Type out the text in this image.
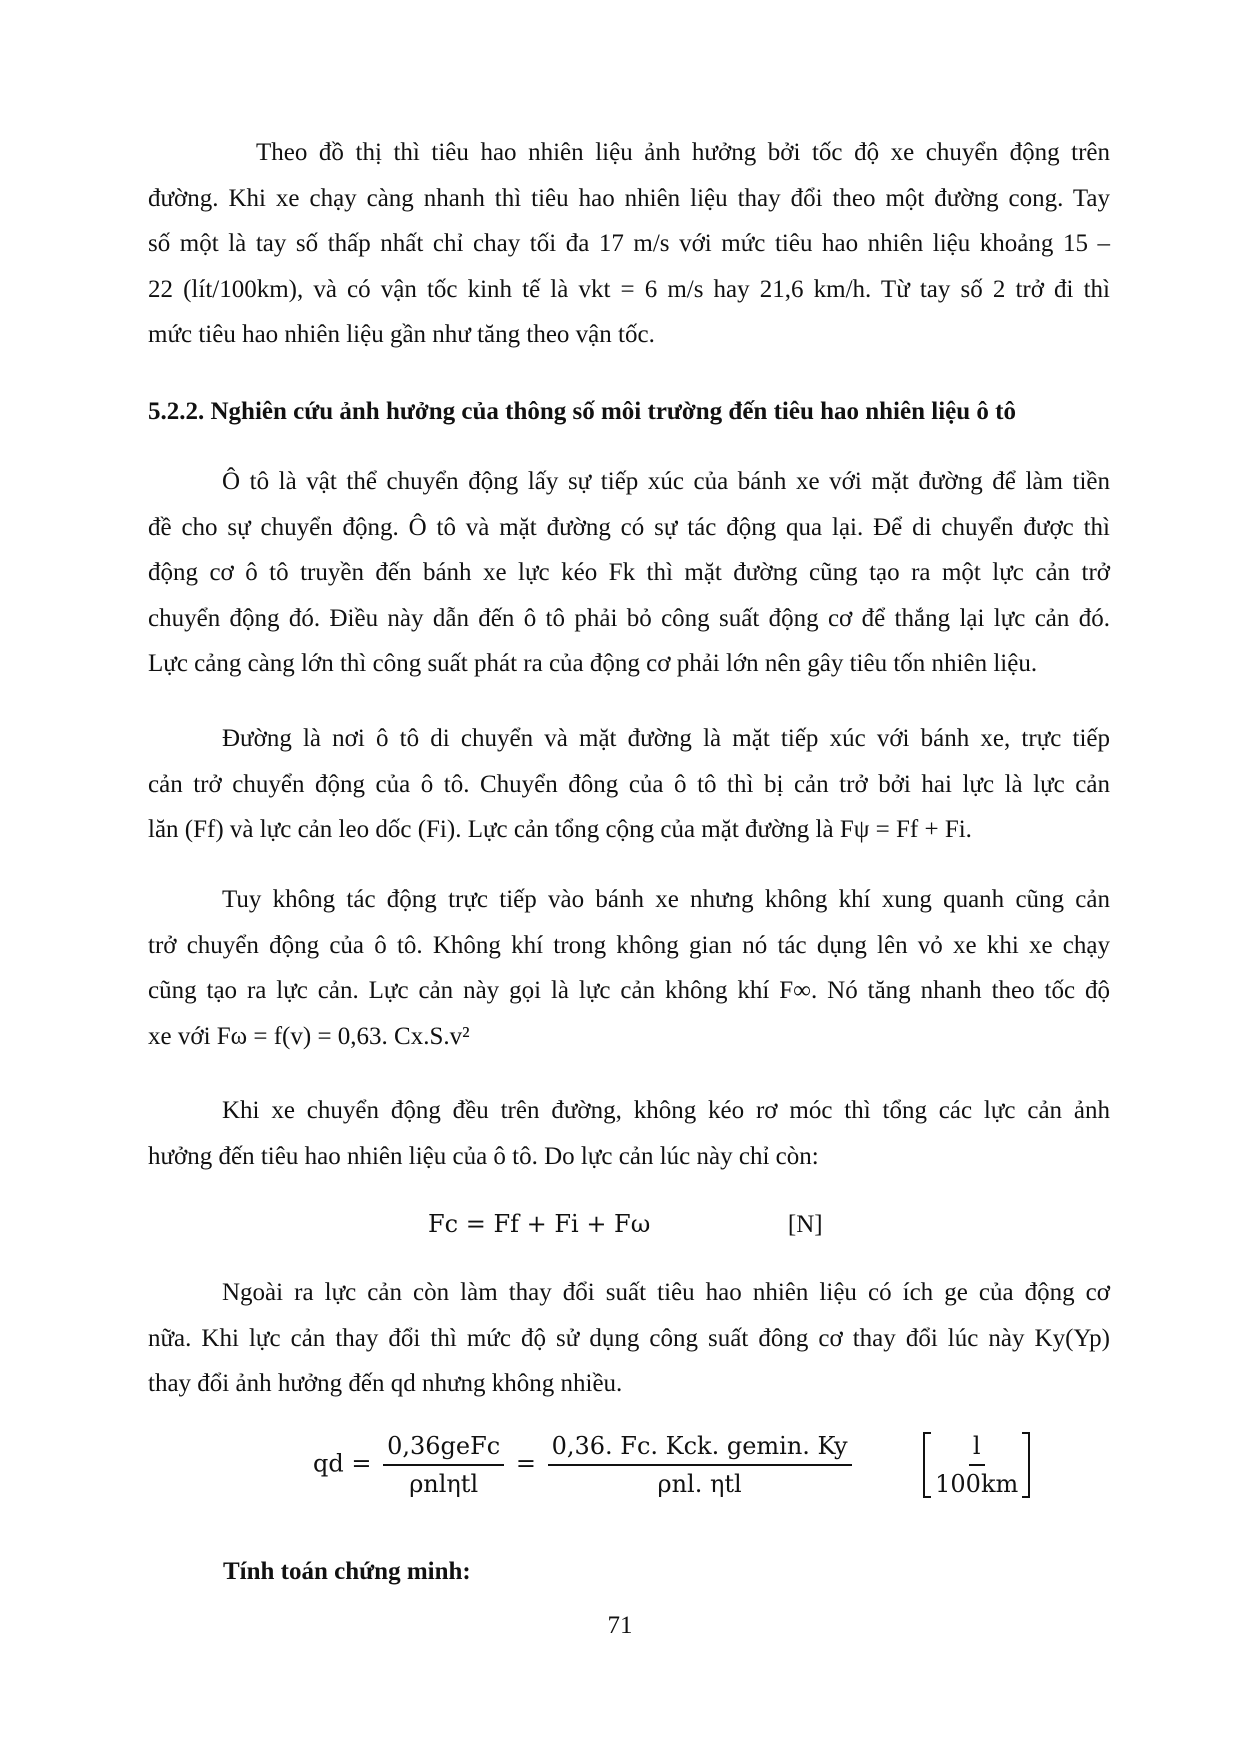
Theo đồ thị thì tiêu hao nhiên liệu ảnh hưởng bởi tốc độ xe chuyển động trên
đường. Khi xe chạy càng nhanh thì tiêu hao nhiên liệu thay đổi theo một đường cong. Tay
số một là tay số thấp nhất chỉ chay tối đa 17 m/s với mức tiêu hao nhiên liệu khoảng 15 –
22 (lít/100km), và có vận tốc kinh tế là vkt = 6 m/s hay 21,6 km/h. Từ tay số 2 trở đi thì
mức tiêu hao nhiên liệu gần như tăng theo vận tốc.

5.2.2. Nghiên cứu ảnh hưởng của thông số môi trường đến tiêu hao nhiên liệu ô tô

Ô tô là vật thể chuyển động lấy sự tiếp xúc của bánh xe với mặt đường để làm tiền
đề cho sự chuyển động. Ô tô và mặt đường có sự tác động qua lại. Để di chuyển được thì
động cơ ô tô truyền đến bánh xe lực kéo Fk thì mặt đường cũng tạo ra một lực cản trở
chuyển động đó. Điều này dẫn đến ô tô phải bỏ công suất động cơ để thắng lại lực cản đó.
Lực cảng càng lớn thì công suất phát ra của động cơ phải lớn nên gây tiêu tốn nhiên liệu.

Đường là nơi ô tô di chuyển và mặt đường là mặt tiếp xúc với bánh xe, trực tiếp
cản trở chuyển động của ô tô. Chuyển đông của ô tô thì bị cản trở bởi hai lực là lực cản
lăn (Ff) và lực cản leo dốc (Fi). Lực cản tổng cộng của mặt đường là Fψ = Ff + Fi.

Tuy không tác động trực tiếp vào bánh xe nhưng không khí xung quanh cũng cản
trở chuyển động của ô tô. Không khí trong không gian nó tác dụng lên vỏ xe khi xe chạy
cũng tạo ra lực cản. Lực cản này gọi là lực cản không khí F∞. Nó tăng nhanh theo tốc độ
xe với Fω = f(v) = 0,63. Cx.S.v²

Khi xe chuyển động đều trên đường, không kéo rơ móc thì tổng các lực cản ảnh
hưởng đến tiêu hao nhiên liệu của ô tô. Do lực cản lúc này chỉ còn:

Fc = Ff + Fi + Fω	[N]

Ngoài ra lực cản còn làm thay đổi suất tiêu hao nhiên liệu có ích ge của động cơ
nữa. Khi lực cản thay đổi thì mức độ sử dụng công suất đông cơ thay đổi lúc này Ky(Yp)
thay đổi ảnh hưởng đến qd nhưng không nhiều.

qd = $\frac{\text{0,36geFc}}{\text{ρnlηtl}} = \frac{\text{0,36. Fc. Kck. gemin. Ky}}{\text{ρnl. ηtl}}$
	$\frac{l}{100km}$
Tính toán chứng minh:
71
